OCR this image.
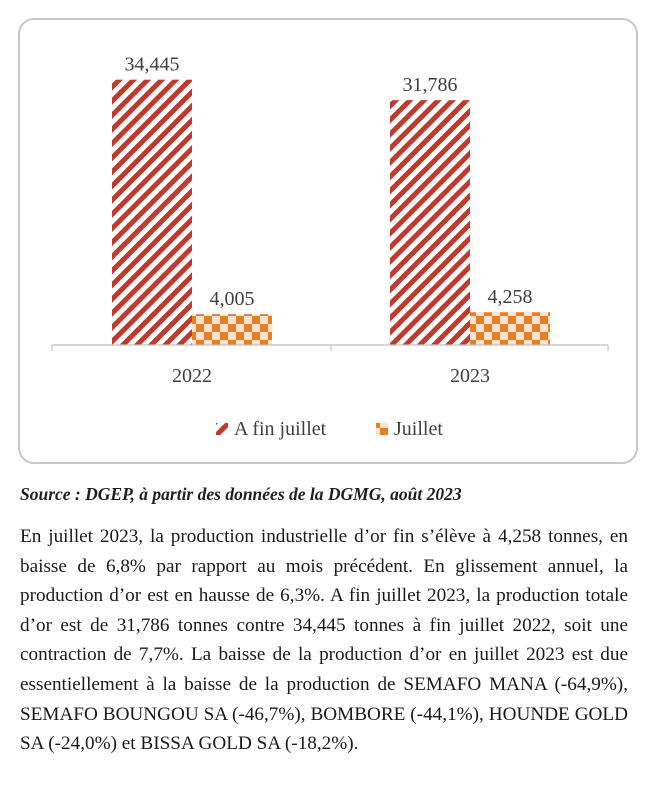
2022	2023
34,445
31,786
4,005	4,258
A fin juillet	Juillet
Source : DGEP, à partir des données de la DGMG, août 2023

En juillet 2023, la production industrielle d’or fin s’élève à 4,258 tonnes, en baisse de 6,8% par rapport au mois précédent. En glissement annuel, la production d’or est en hausse de 6,3%. A fin juillet 2023, la production totale d’or est de 31,786 tonnes contre 34,445 tonnes à fin juillet 2022, soit une contraction de 7,7%. La baisse de la production d’or en juillet 2023 est due essentiellement à la baisse de la production de SEMAFO MANA (-64,9%), SEMAFO BOUNGOU SA (-46,7%), BOMBORE (-44,1%), HOUNDE GOLD SA (-24,0%) et BISSA GOLD SA (-18,2%).
